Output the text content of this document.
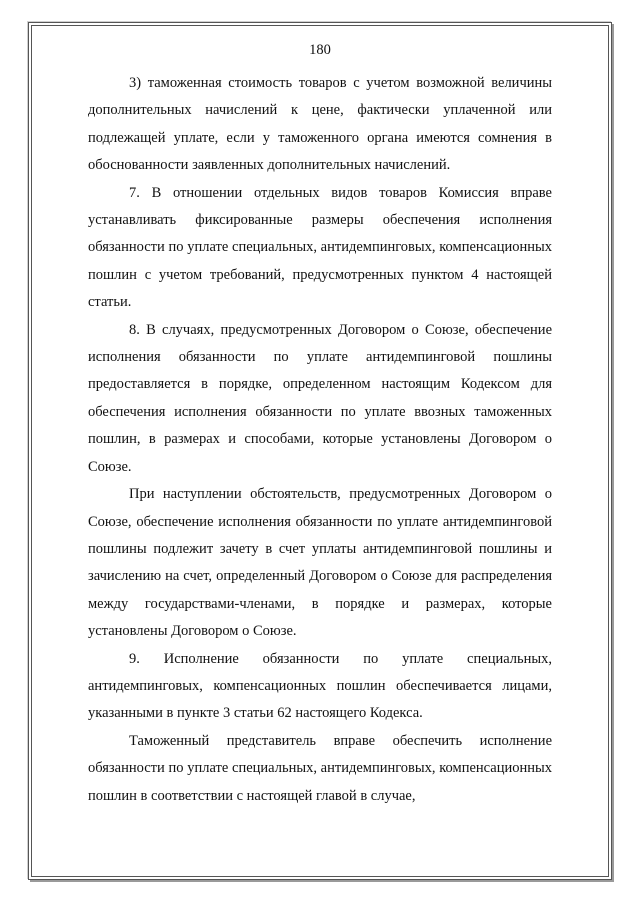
180

3) таможенная стоимость товаров с учетом возможной величины дополнительных начислений к цене, фактически уплаченной или подлежащей уплате, если у таможенного органа имеются сомнения в обоснованности заявленных дополнительных начислений.

7. В отношении отдельных видов товаров Комиссия вправе устанавливать фиксированные размеры обеспечения исполнения обязанности по уплате специальных, антидемпинговых, компенсационных пошлин с учетом требований, предусмотренных пунктом 4 настоящей статьи.

8. В случаях, предусмотренных Договором о Союзе, обеспечение исполнения обязанности по уплате антидемпинговой пошлины предоставляется в порядке, определенном настоящим Кодексом для обеспечения исполнения обязанности по уплате ввозных таможенных пошлин, в размерах и способами, которые установлены Договором о Союзе.

При наступлении обстоятельств, предусмотренных Договором о Союзе, обеспечение исполнения обязанности по уплате антидемпинговой пошлины подлежит зачету в счет уплаты антидемпинговой пошлины и зачислению на счет, определенный Договором о Союзе для распределения между государствами-членами, в порядке и размерах, которые установлены Договором о Союзе.

9. Исполнение обязанности по уплате специальных, антидемпинговых, компенсационных пошлин обеспечивается лицами, указанными в пункте 3 статьи 62 настоящего Кодекса.

Таможенный представитель вправе обеспечить исполнение обязанности по уплате специальных, антидемпинговых, компенсационных пошлин в соответствии с настоящей главой в случае,
